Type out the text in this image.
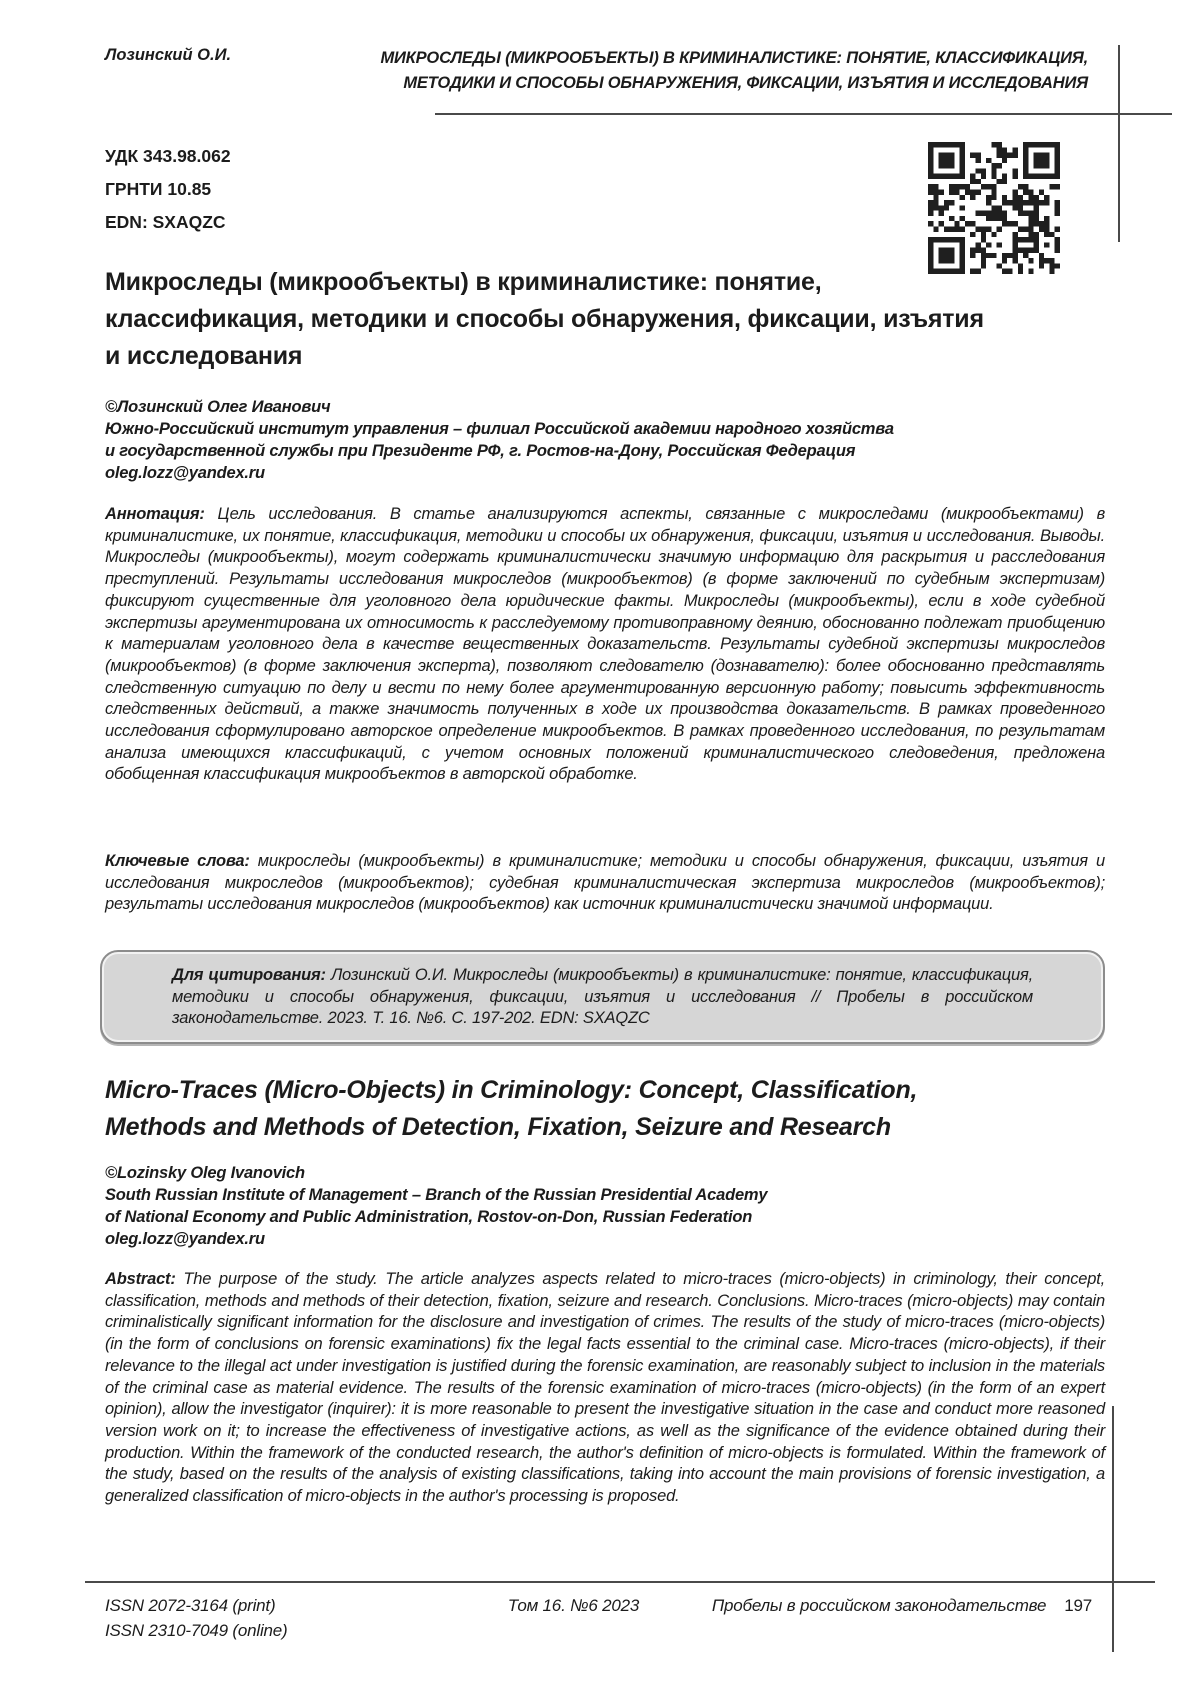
Лозинский О.И.	МИКРОСЛЕДЫ (МИКРООБЪЕКТЫ) В КРИМИНАЛИСТИКЕ: ПОНЯТИЕ, КЛАССИФИКАЦИЯ,
МЕТОДИКИ И СПОСОБЫ ОБНАРУЖЕНИЯ, ФИКСАЦИИ, ИЗЪЯТИЯ И ИССЛЕДОВАНИЯ
УДК 343.98.062
ГРНТИ 10.85
EDN: SXAQZC
Микроследы (микрообъекты) в криминалистике: понятие, классификация, методики и способы обнаружения, фиксации, изъятия и исследования
©Лозинский Олег Иванович
Южно-Российский институт управления – филиал Российской академии народного хозяйства
и государственной службы при Президенте РФ, г. Ростов-на-Дону, Российская Федерация
oleg.lozz@yandex.ru

Аннотация: Цель исследования. В статье анализируются аспекты, связанные с микроследами (микрообъектами) в криминалистике, их понятие, классификация, методики и способы их обнаружения, фиксации, изъятия и исследования. Выводы. Микроследы (микрообъекты), могут содержать криминалистически значимую информацию для раскрытия и расследования преступлений. Результаты исследования микроследов (микрообъектов) (в форме заключений по судебным экспертизам) фиксируют существенные для уголовного дела юридические факты. Микроследы (микрообъекты), если в ходе судебной экспертизы аргументирована их относимость к расследуемому противоправному деянию, обоснованно подлежат приобщению к материалам уголовного дела в качестве вещественных доказательств. Результаты судебной экспертизы микроследов (микрообъектов) (в форме заключения эксперта), позволяют следователю (дознавателю): более обоснованно представлять следственную ситуацию по делу и вести по нему более аргументированную версионную работу; повысить эффективность следственных действий, а также значимость полученных в ходе их производства доказательств. В рамках проведенного исследования сформулировано авторское определение микрообъектов. В рамках проведенного исследования, по результатам анализа имеющихся классификаций, с учетом основных положений криминалистического следоведения, предложена обобщенная классификация микрообъектов в авторской обработке.

Ключевые слова: микроследы (микрообъекты) в криминалистике; методики и способы обнаружения, фиксации, изъятия и исследования микроследов (микрообъектов); судебная криминалистическая экспертиза микроследов (микрообъектов); результаты исследования микроследов (микрообъектов) как источник криминалистически значимой информации.

Для цитирования: Лозинский О.И. Микроследы (микрообъекты) в криминалистике: понятие, классификация, методики и способы обнаружения, фиксации, изъятия и исследования // Пробелы в российском законодательстве. 2023. Т. 16. №6. С. 197-202. EDN: SXAQZC

Micro-Traces (Micro-Objects) in Criminology: Concept, Classification, Methods and Methods of Detection, Fixation, Seizure and Research
©Lozinsky Oleg Ivanovich
South Russian Institute of Management – Branch of the Russian Presidential Academy
of National Economy and Public Administration, Rostov-on-Don, Russian Federation
oleg.lozz@yandex.ru

Abstract: The purpose of the study. The article analyzes aspects related to micro-traces (micro-objects) in criminology, their concept, classification, methods and methods of their detection, fixation, seizure and research. Conclusions. Micro-traces (micro-objects) may contain criminalistically significant information for the disclosure and investigation of crimes. The results of the study of micro-traces (micro-objects) (in the form of conclusions on forensic examinations) fix the legal facts essential to the criminal case. Micro-traces (micro-objects), if their relevance to the illegal act under investigation is justified during the forensic examination, are reasonably subject to inclusion in the materials of the criminal case as material evidence. The results of the forensic examination of micro-traces (micro-objects) (in the form of an expert opinion), allow the investigator (inquirer): it is more reasonable to present the investigative situation in the case and conduct more reasoned version work on it; to increase the effectiveness of investigative actions, as well as the significance of the evidence obtained during their production. Within the framework of the conducted research, the author's definition of micro-objects is formulated. Within the framework of the study, based on the results of the analysis of existing classifications, taking into account the main provisions of forensic investigation, a generalized classification of micro-objects in the author's processing is proposed.

ISSN 2072-3164 (print)
ISSN 2310-7049 (online)
Том 16. №6 2023	Пробелы в российском законодательстве 197
